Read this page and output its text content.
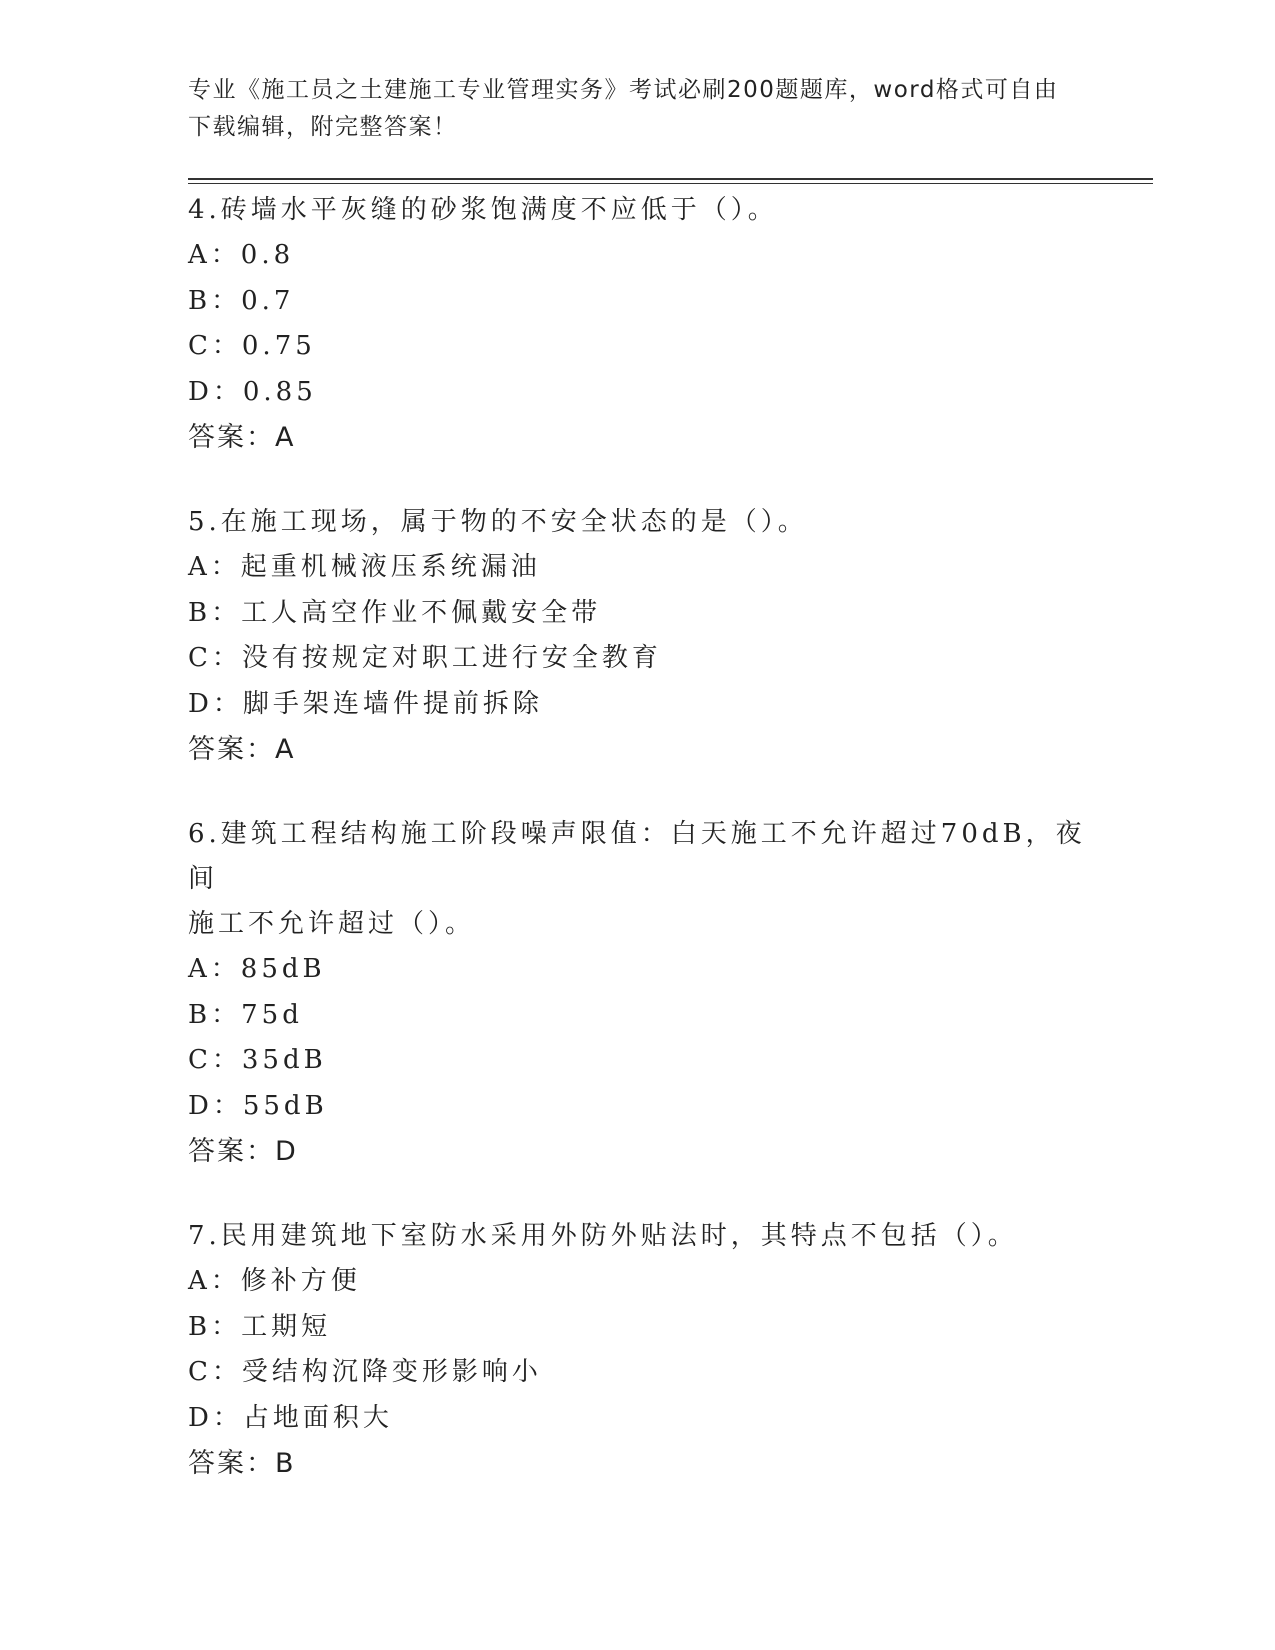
专业《施工员之土建施工专业管理实务》考试必刷200题题库，word格式可自由
下载编辑，附完整答案！
4.砖墙水平灰缝的砂浆饱满度不应低于（）。
A：0.8
B：0.7
C：0.75
D：0.85
答案：A
5.在施工现场，属于物的不安全状态的是（）。
A：起重机械液压系统漏油
B：工人高空作业不佩戴安全带
C：没有按规定对职工进行安全教育
D：脚手架连墙件提前拆除
答案：A
6.建筑工程结构施工阶段噪声限值：白天施工不允许超过70dB，夜间
施工不允许超过（）。
A：85dB
B：75d
C：35dB
D：55dB
答案：D
7.民用建筑地下室防水采用外防外贴法时，其特点不包括（）。
A：修补方便
B：工期短
C：受结构沉降变形影响小
D：占地面积大
答案：B
